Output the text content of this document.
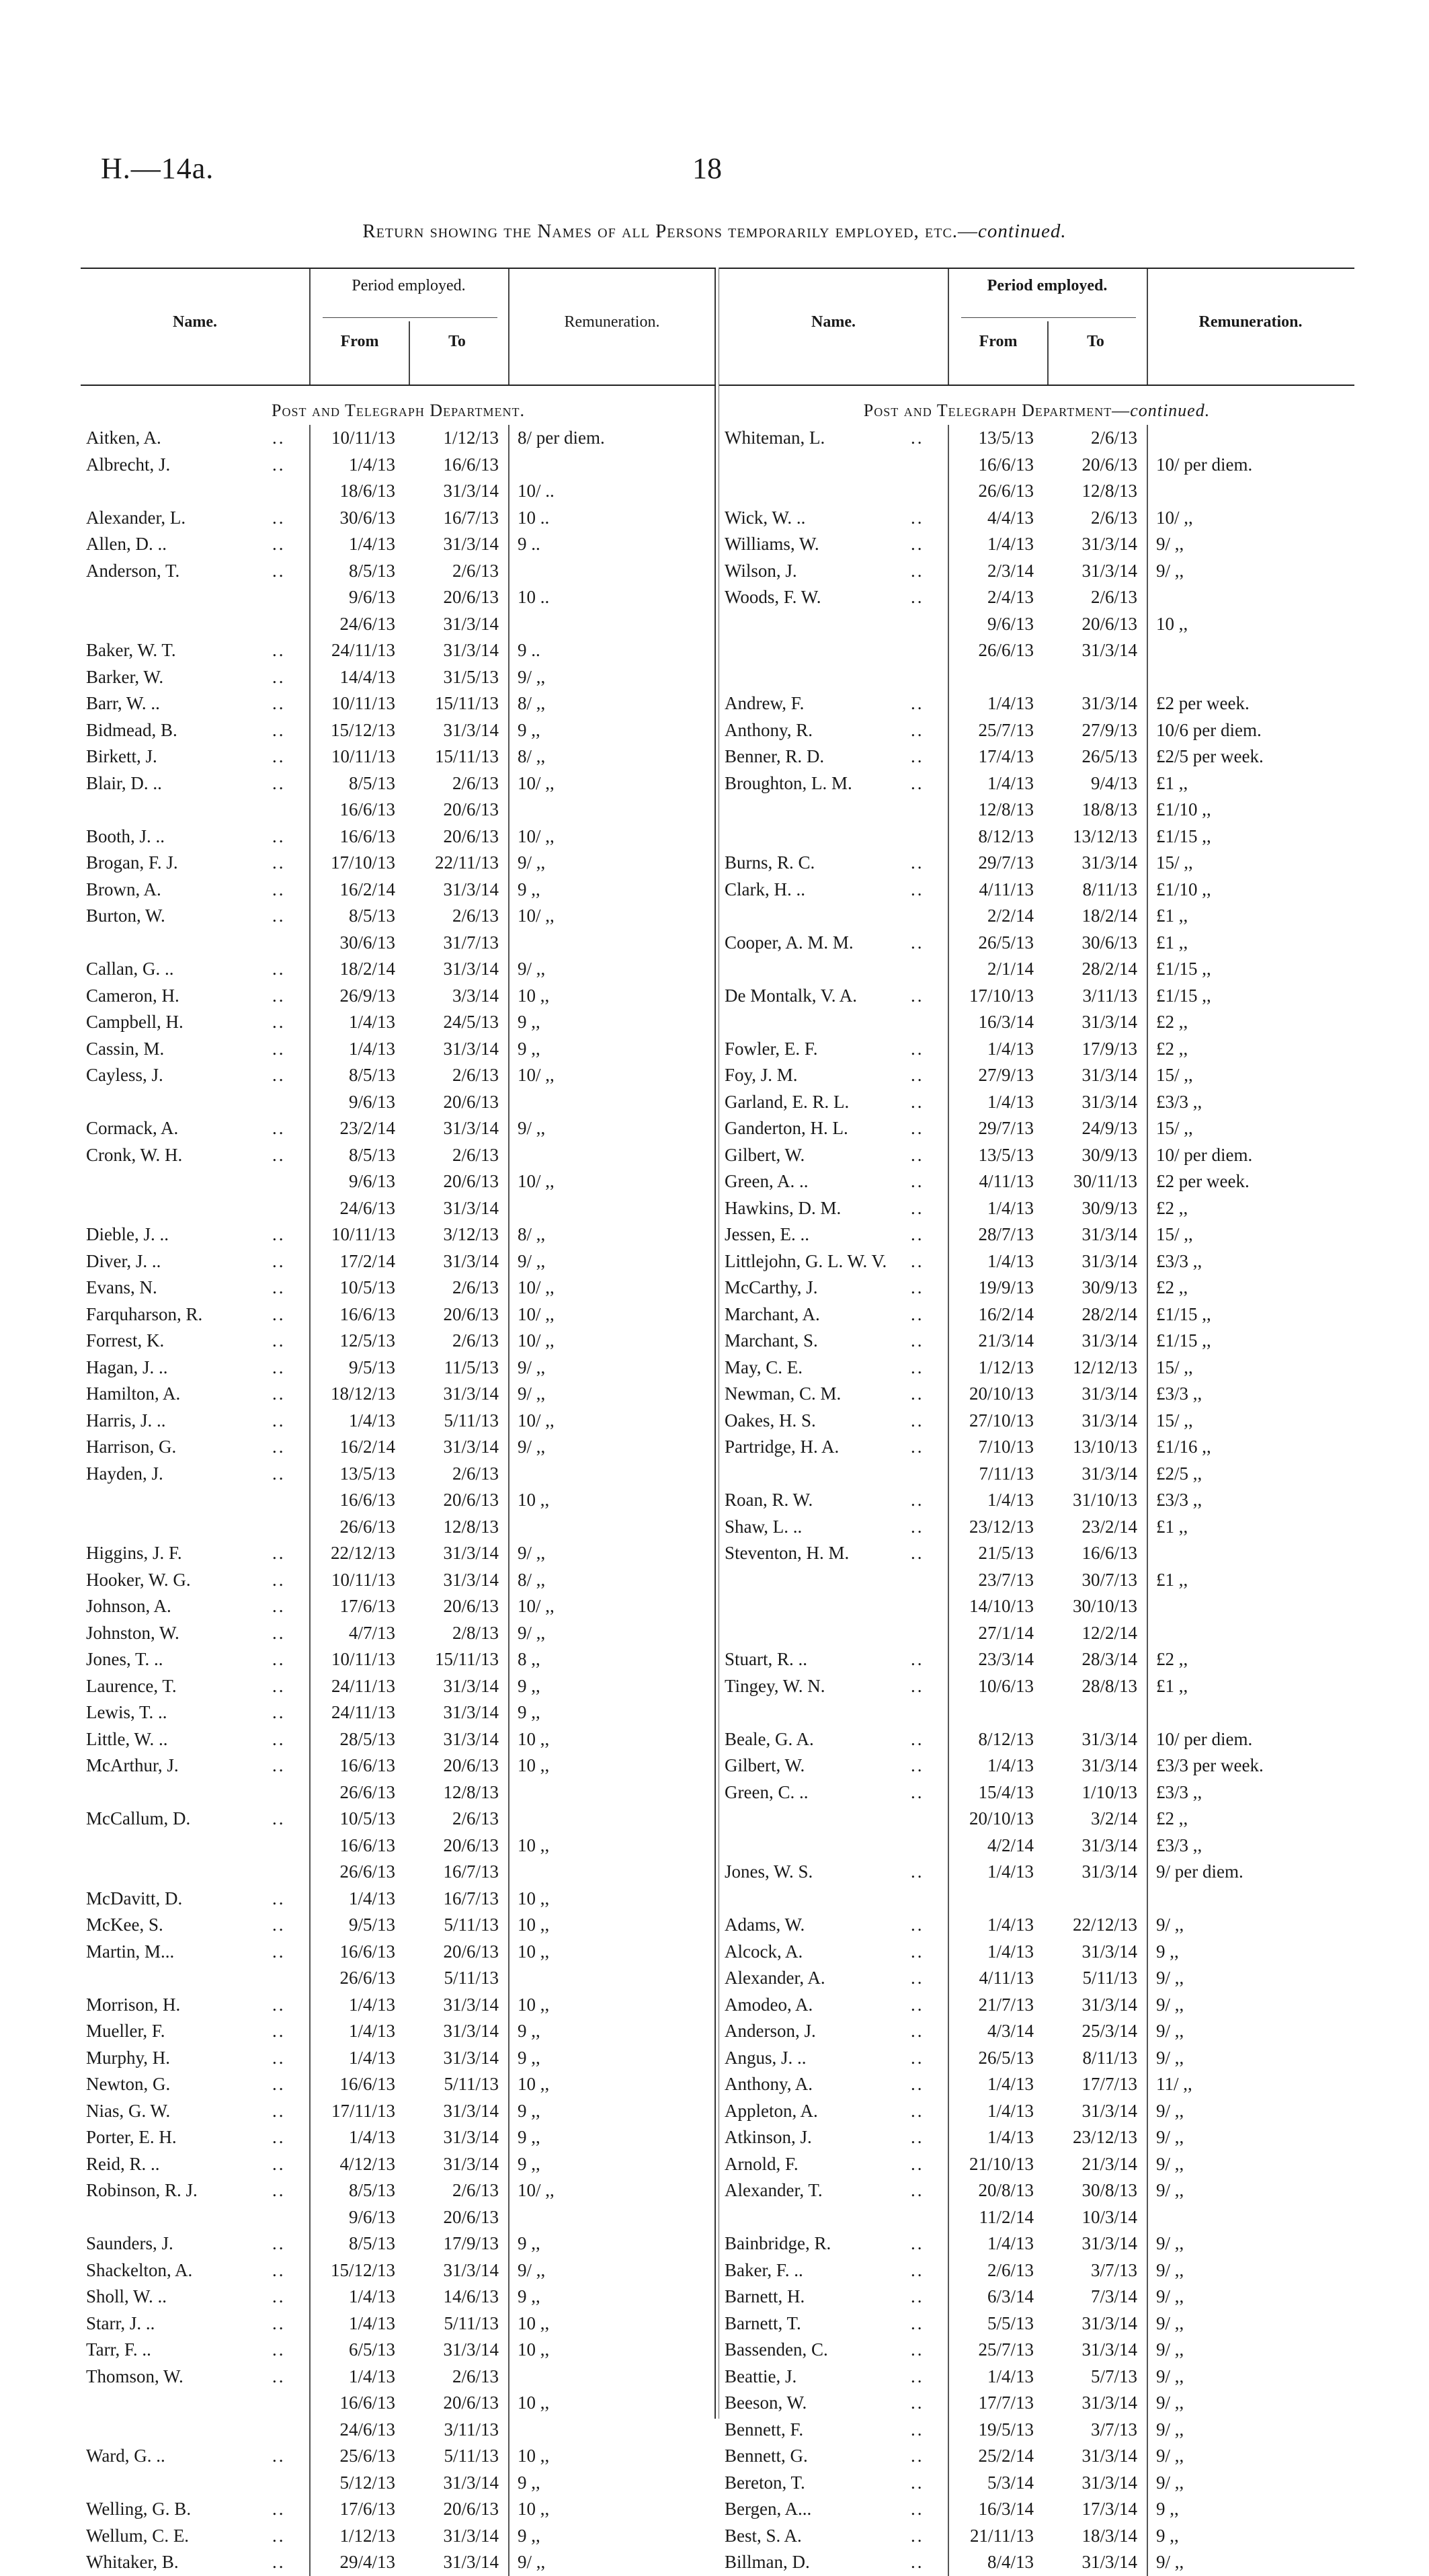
H.—14a.	18
Return showing the Names of all Persons temporarily employed, etc.—continued.
Name.
Period employed.
From	To
Remuneration.
Post and Telegraph Department.
Aitken, A.	10/11/13	1/12/13 8/ per diem.
..
Albrecht, J.	1/4/13	16/6/13
..
18/6/13	31/3/14 10/ ..
Alexander, L.	30/6/13	16/7/13 10 ..
..
Allen, D. ..	1/4/13	31/3/14 9 ..
..
Anderson, T.	8/5/13	2/6/13
..
9/6/13	20/6/13 10 ..
24/6/13	31/3/14
Baker, W. T.	24/11/13	31/3/14 9 ..
..
Barker, W.	14/4/13	31/5/13 9/ ,,
..
Barr, W. ..	10/11/13	15/11/13 8/ ,,
..
Bidmead, B.	15/12/13	31/3/14 9 ,,
..
Birkett, J.	10/11/13	15/11/13 8/ ,,
..
Blair, D. ..	8/5/13	2/6/13 10/ ,,
..
16/6/13	20/6/13
Booth, J. ..	16/6/13	20/6/13 10/ ,,
..
Brogan, F. J.	17/10/13	22/11/13 9/ ,,
..
Brown, A.	16/2/14	31/3/14 9 ,,
..
Burton, W.	8/5/13	2/6/13 10/ ,,
..
30/6/13	31/7/13
Callan, G. ..	18/2/14	31/3/14 9/ ,,
..
Cameron, H.	26/9/13	3/3/14 10 ,,
..
Campbell, H.	1/4/13	24/5/13 9 ,,
..
Cassin, M.	1/4/13	31/3/14 9 ,,
..
Cayless, J.	8/5/13	2/6/13 10/ ,,
..
9/6/13	20/6/13
Cormack, A.	23/2/14	31/3/14 9/ ,,
..
Cronk, W. H.	8/5/13	2/6/13
..
9/6/13	20/6/13 10/ ,,
24/6/13	31/3/14
Dieble, J. ..	10/11/13	3/12/13 8/ ,,
..
Diver, J. ..	17/2/14	31/3/14 9/ ,,
..
Evans, N.	10/5/13	2/6/13 10/ ,,
..
Farquharson, R.	16/6/13	20/6/13 10/ ,,
..
Forrest, K.	12/5/13	2/6/13 10/ ,,
..
Hagan, J. ..	9/5/13	11/5/13 9/ ,,
..
Hamilton, A.	18/12/13	31/3/14 9/ ,,
..
Harris, J. ..	1/4/13	5/11/13 10/ ,,
..
Harrison, G.	16/2/14	31/3/14 9/ ,,
..
Hayden, J.	13/5/13	2/6/13
..
16/6/13	20/6/13 10 ,,
26/6/13	12/8/13
Higgins, J. F.	22/12/13	31/3/14 9/ ,,
..
Hooker, W. G.	10/11/13	31/3/14 8/ ,,
..
Johnson, A.	17/6/13	20/6/13 10/ ,,
..
Johnston, W.	4/7/13	2/8/13 9/ ,,
..
Jones, T. ..	10/11/13	15/11/13 8 ,,
..
Laurence, T.	24/11/13	31/3/14 9 ,,
..
Lewis, T. ..	24/11/13	31/3/14 9 ,,
..
Little, W. ..	28/5/13	31/3/14 10 ,,
..
McArthur, J.	16/6/13	20/6/13 10 ,,
..
26/6/13	12/8/13
McCallum, D.	10/5/13	2/6/13
..
16/6/13	20/6/13 10 ,,
26/6/13	16/7/13
McDavitt, D.	1/4/13	16/7/13 10 ,,
..
McKee, S.	9/5/13	5/11/13 10 ,,
..
Martin, M...	16/6/13	20/6/13 10 ,,
..
26/6/13	5/11/13
Morrison, H.	1/4/13	31/3/14 10 ,,
..
Mueller, F.	1/4/13	31/3/14 9 ,,
..
Murphy, H.	1/4/13	31/3/14 9 ,,
..
Newton, G.	16/6/13	5/11/13 10 ,,
..
Nias, G. W.	17/11/13	31/3/14 9 ,,
..
Porter, E. H.	1/4/13	31/3/14 9 ,,
..
Reid, R. ..	4/12/13	31/3/14 9 ,,
..
Robinson, R. J.	8/5/13	2/6/13 10/ ,,
..
9/6/13	20/6/13
Saunders, J.	8/5/13	17/9/13 9 ,,
..
Shackelton, A.	15/12/13	31/3/14 9/ ,,
..
Sholl, W. ..	1/4/13	14/6/13 9 ,,
..
Starr, J. ..	1/4/13	5/11/13 10 ,,
..
Tarr, F. ..	6/5/13	31/3/14 10 ,,
..
Thomson, W.	1/4/13	2/6/13
..
16/6/13	20/6/13 10 ,,
24/6/13	3/11/13
Ward, G. ..	25/6/13	5/11/13 10 ,,
..
5/12/13	31/3/14 9 ,,
Welling, G. B.	17/6/13	20/6/13 10 ,,
..
Wellum, C. E.	1/12/13	31/3/14 9 ,,
..
Whitaker, B.	29/4/13	31/3/14 9/ ,,
..
Name.
Period employed.
From	To
Remuneration.
Post and Telegraph Department—continued.
Whiteman, L.	13/5/13	2/6/13
..
16/6/13	20/6/13 10/ per diem.
26/6/13	12/8/13
Wick, W. ..	4/4/13	2/6/13 10/ ,,
..
Williams, W.	1/4/13	31/3/14 9/ ,,
..
Wilson, J.	2/3/14	31/3/14 9/ ,,
..
Woods, F. W.	2/4/13	2/6/13
..
9/6/13	20/6/13 10 ,,
26/6/13	31/3/14
Andrew, F.	1/4/13	31/3/14 £2 per week.
..
Anthony, R.	25/7/13	27/9/13 10/6 per diem.
..
Benner, R. D.	17/4/13	26/5/13 £2/5 per week.
..
Broughton, L. M.	1/4/13	9/4/13 £1 ,,
..
12/8/13	18/8/13 £1/10 ,,
8/12/13	13/12/13 £1/15 ,,
Burns, R. C.	29/7/13	31/3/14 15/ ,,
..
Clark, H. ..	4/11/13	8/11/13 £1/10 ,,
..
2/2/14	18/2/14 £1 ,,
Cooper, A. M. M.	26/5/13	30/6/13 £1 ,,
..
2/1/14	28/2/14 £1/15 ,,
De Montalk, V. A.	17/10/13	3/11/13 £1/15 ,,
..
16/3/14	31/3/14 £2 ,,
Fowler, E. F.	1/4/13	17/9/13 £2 ,,
..
Foy, J. M.	27/9/13	31/3/14 15/ ,,
..
Garland, E. R. L.	1/4/13	31/3/14 £3/3 ,,
..
Ganderton, H. L.	29/7/13	24/9/13 15/ ,,
..
Gilbert, W.	13/5/13	30/9/13 10/ per diem.
..
Green, A. ..	4/11/13	30/11/13 £2 per week.
..
Hawkins, D. M.	1/4/13	30/9/13 £2 ,,
..
Jessen, E. ..	28/7/13	31/3/14 15/ ,,
..
Littlejohn, G. L. W. V.	1/4/13	31/3/14 £3/3 ,,
..
McCarthy, J.	19/9/13	30/9/13 £2 ,,
..
Marchant, A.	16/2/14	28/2/14 £1/15 ,,
..
Marchant, S.	21/3/14	31/3/14 £1/15 ,,
..
May, C. E.	1/12/13	12/12/13 15/ ,,
..
Newman, C. M.	20/10/13	31/3/14 £3/3 ,,
..
Oakes, H. S.	27/10/13	31/3/14 15/ ,,
..
Partridge, H. A.	7/10/13	13/10/13 £1/16 ,,
..
7/11/13	31/3/14 £2/5 ,,
Roan, R. W.	1/4/13	31/10/13 £3/3 ,,
..
Shaw, L. ..	23/12/13	23/2/14 £1 ,,
..
Steventon, H. M.	21/5/13	16/6/13
..
23/7/13	30/7/13 £1 ,,
14/10/13	30/10/13
27/1/14	12/2/14
Stuart, R. ..	23/3/14	28/3/14 £2 ,,
..
Tingey, W. N.	10/6/13	28/8/13 £1 ,,
..
Beale, G. A.	8/12/13	31/3/14 10/ per diem.
..
Gilbert, W.	1/4/13	31/3/14 £3/3 per week.
..
Green, C. ..	15/4/13	1/10/13 £3/3 ,,
..
20/10/13	3/2/14 £2 ,,
4/2/14	31/3/14 £3/3 ,,
Jones, W. S.	1/4/13	31/3/14 9/ per diem.
..
Adams, W.	1/4/13	22/12/13 9/ ,,
..
Alcock, A.	1/4/13	31/3/14 9 ,,
..
Alexander, A.	4/11/13	5/11/13 9/ ,,
..
Amodeo, A.	21/7/13	31/3/14 9/ ,,
..
Anderson, J.	4/3/14	25/3/14 9/ ,,
..
Angus, J. ..	26/5/13	8/11/13 9/ ,,
..
Anthony, A.	1/4/13	17/7/13 11/ ,,
..
Appleton, A.	1/4/13	31/3/14 9/ ,,
..
Atkinson, J.	1/4/13	23/12/13 9/ ,,
..
Arnold, F.	21/10/13	21/3/14 9/ ,,
..
Alexander, T.	20/8/13	30/8/13 9/ ,,
..
11/2/14	10/3/14
Bainbridge, R.	1/4/13	31/3/14 9/ ,,
..
Baker, F. ..	2/6/13	3/7/13 9/ ,,
..
Barnett, H.	6/3/14	7/3/14 9/ ,,
..
Barnett, T.	5/5/13	31/3/14 9/ ,,
..
Bassenden, C.	25/7/13	31/3/14 9/ ,,
..
Beattie, J.	1/4/13	5/7/13 9/ ,,
..
Beeson, W.	17/7/13	31/3/14 9/ ,,
..
Bennett, F.	19/5/13	3/7/13 9/ ,,
..
Bennett, G.	25/2/14	31/3/14 9/ ,,
..
Bereton, T.	5/3/14	31/3/14 9/ ,,
..
Bergen, A...	16/3/14	17/3/14 9 ,,
..
Best, S. A.	21/11/13	18/3/14 9 ,,
..
Billman, D.	8/4/13	31/3/14 9/ ,,
..
